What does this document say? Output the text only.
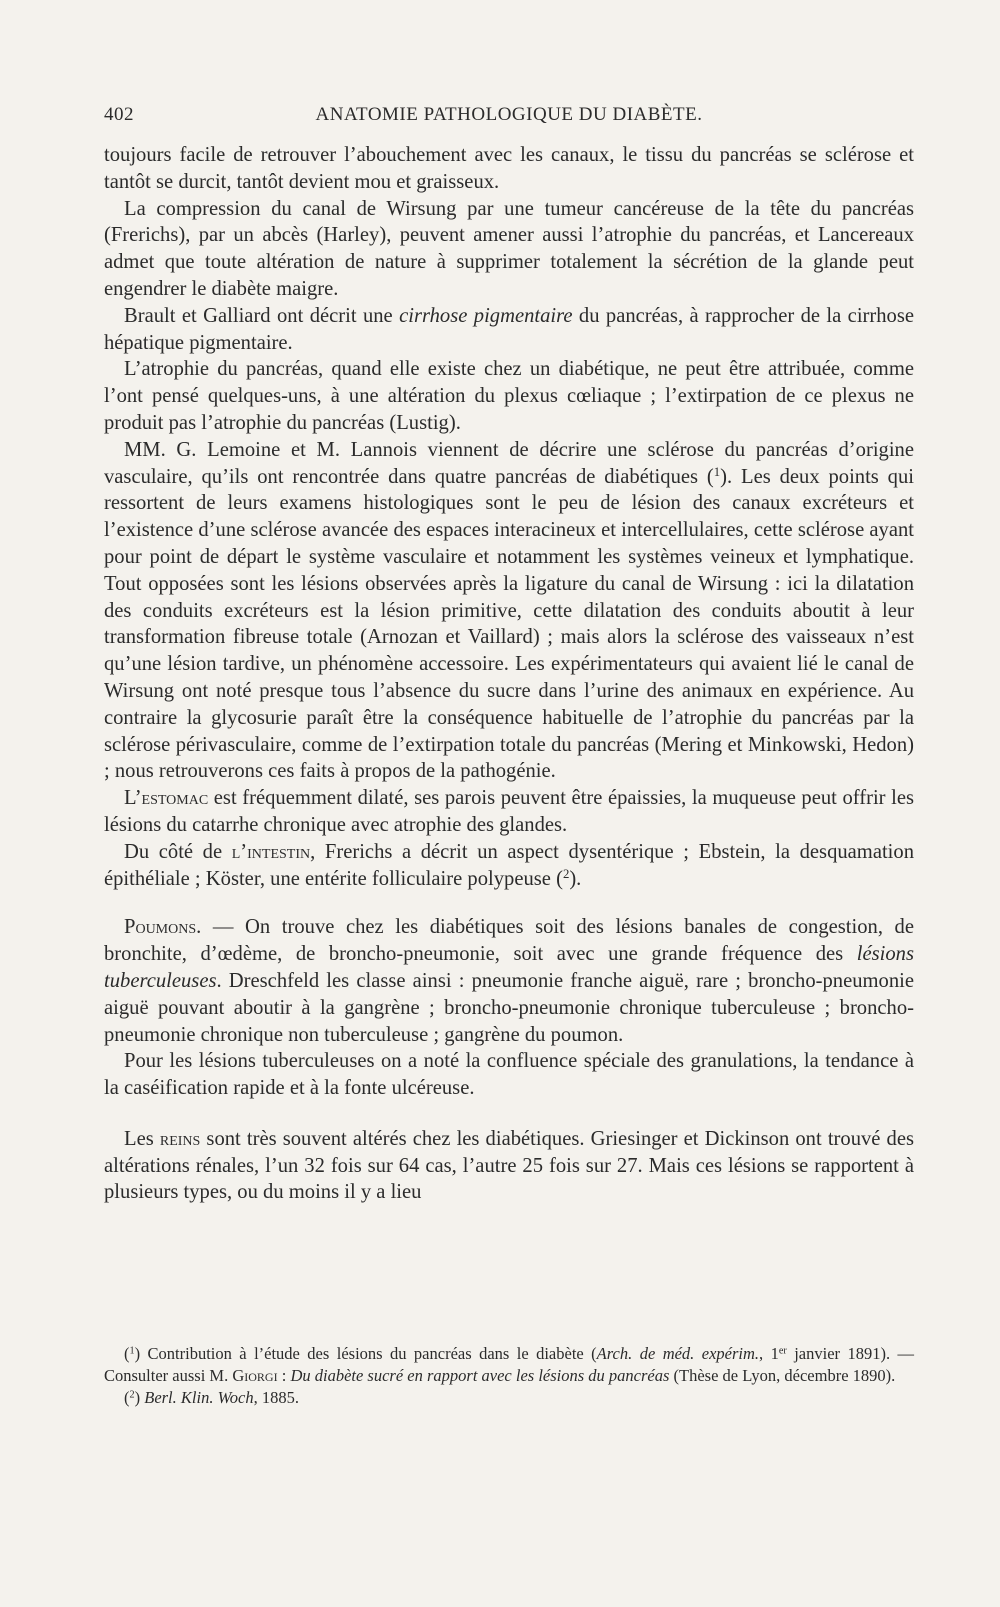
402	ANATOMIE PATHOLOGIQUE DU DIABÈTE.

toujours facile de retrouver l’abouchement avec les canaux, le tissu du pancréas se sclérose et tantôt se durcit, tantôt devient mou et graisseux.

La compression du canal de Wirsung par une tumeur cancéreuse de la tête du pancréas (Frerichs), par un abcès (Harley), peuvent amener aussi l’atrophie du pancréas, et Lancereaux admet que toute altération de nature à supprimer totalement la sécrétion de la glande peut engendrer le diabète maigre.

Brault et Galliard ont décrit une cirrhose pigmentaire du pancréas, à rapprocher de la cirrhose hépatique pigmentaire.

L’atrophie du pancréas, quand elle existe chez un diabétique, ne peut être attribuée, comme l’ont pensé quelques-uns, à une altération du plexus cœliaque ; l’extirpation de ce plexus ne produit pas l’atrophie du pancréas (Lustig).

MM. G. Lemoine et M. Lannois viennent de décrire une sclérose du pancréas d’origine vasculaire, qu’ils ont rencontrée dans quatre pancréas de diabétiques ($^1$). Les deux points qui ressortent de leurs examens histologiques sont le peu de lésion des canaux excréteurs et l’existence d’une sclérose avancée des espaces interacineux et intercellulaires, cette sclérose ayant pour point de départ le système vasculaire et notamment les systèmes veineux et lymphatique. Tout opposées sont les lésions observées après la ligature du canal de Wirsung : ici la dilatation des conduits excréteurs est la lésion primitive, cette dilatation des conduits aboutit à leur transformation fibreuse totale (Arnozan et Vaillard) ; mais alors la sclérose des vaisseaux n’est qu’une lésion tardive, un phénomène accessoire. Les expérimentateurs qui avaient lié le canal de Wirsung ont noté presque tous l’absence du sucre dans l’urine des animaux en expérience. Au contraire la glycosurie paraît être la conséquence habituelle de l’atrophie du pancréas par la sclérose périvasculaire, comme de l’extirpation totale du pancréas (Mering et Minkowski, Hedon) ; nous retrouverons ces faits à propos de la pathogénie.

L’estomac est fréquemment dilaté, ses parois peuvent être épaissies, la muqueuse peut offrir les lésions du catarrhe chronique avec atrophie des glandes.

Du côté de l’intestin, Frerichs a décrit un aspect dysentérique ; Ebstein, la desquamation épithéliale ; Köster, une entérite folliculaire polypeuse ($^2$).

Poumons. — On trouve chez les diabétiques soit des lésions banales de congestion, de bronchite, d’œdème, de broncho-pneumonie, soit avec une grande fréquence des lésions tuberculeuses. Dreschfeld les classe ainsi : pneumonie franche aiguë, rare ; broncho-pneumonie aiguë pouvant aboutir à la gangrène ; broncho-pneumonie chronique tuberculeuse ; broncho-pneumonie chronique non tuberculeuse ; gangrène du poumon.

Pour les lésions tuberculeuses on a noté la confluence spéciale des granulations, la tendance à la caséification rapide et à la fonte ulcéreuse.

Les reins sont très souvent altérés chez les diabétiques. Griesinger et Dickinson ont trouvé des altérations rénales, l’un 32 fois sur 64 cas, l’autre 25 fois sur 27. Mais ces lésions se rapportent à plusieurs types, ou du moins il y a lieu

($^1$) Contribution à l’étude des lésions du pancréas dans le diabète (Arch. de méd. expérim., 1er janvier 1891). — Consulter aussi M. Giorgi : Du diabète sucré en rapport avec les lésions du pancréas (Thèse de Lyon, décembre 1890).

($^2$) Berl. Klin. Woch, 1885.
